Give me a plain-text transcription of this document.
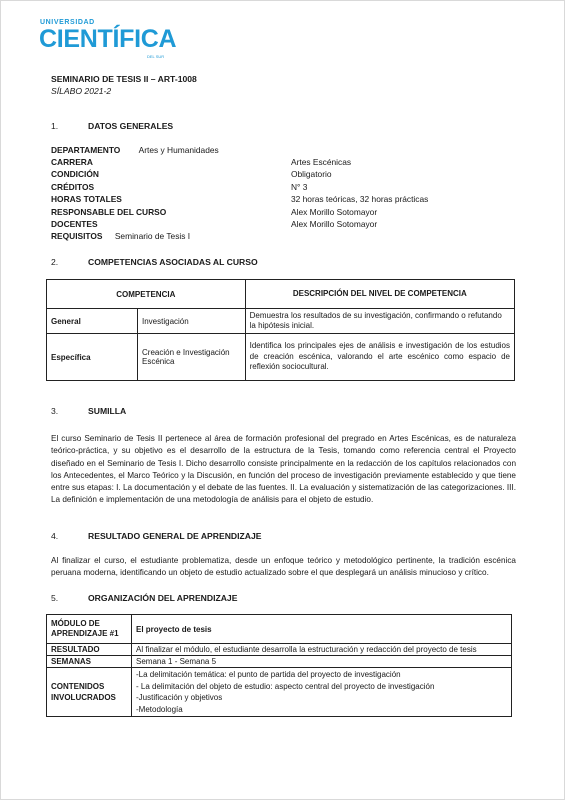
UNIVERSIDAD
CIENTÍFICA
DEL SUR
SEMINARIO DE TESIS II – ART-1008
SÍLABO 2021-2
1.	DATOS GENERALES
DEPARTAMENTO Artes y Humanidades
CARRERA	Artes Escénicas
CONDICIÓN	Obligatorio
CRÉDITOS	N° 3
HORAS TOTALES	32 horas teóricas, 32 horas prácticas
RESPONSABLE DEL CURSO	Alex Morillo Sotomayor
DOCENTES	Alex Morillo Sotomayor
REQUISITOS Seminario de Tesis I
2.	COMPETENCIAS ASOCIADAS AL CURSO
COMPETENCIA		DESCRIPCIÓN DEL NIVEL DE COMPETENCIA
General	Investigación	Demuestra los resultados de su investigación, confirmando o refutando la hipótesis inicial.
Específica	Creación e Investigación Escénica	Identifica los principales ejes de análisis e investigación de los estudios de creación escénica, valorando el arte escénico como espacio de reflexión sociocultural.
3.	SUMILLA
El curso Seminario de Tesis II pertenece al área de formación profesional del pregrado en Artes Escénicas, es de naturaleza teórico-práctica, y su objetivo es el desarrollo de la estructura de la Tesis, tomando como referencia central el Proyecto diseñado en el Seminario de Tesis I. Dicho desarrollo consiste principalmente en la redacción de los capítulos relacionados con los Antecedentes, el Marco Teórico y la Discusión, en función del proceso de investigación previamente establecido y que tiene entre sus etapas: I. La documentación y el debate de las fuentes. II. La evaluación y sistematización de las categorizaciones. III. La definición e implementación de una metodología de análisis para el objeto de estudio.
4.	RESULTADO GENERAL DE APRENDIZAJE
Al finalizar el curso, el estudiante problematiza, desde un enfoque teórico y metodológico pertinente, la tradición escénica peruana moderna, identificando un objeto de estudio actualizado sobre el que desplegará un análisis minucioso y crítico.
5.	ORGANIZACIÓN DEL APRENDIZAJE
MÓDULO DE APRENDIZAJE #1	El proyecto de tesis
RESULTADO	Al finalizar el módulo, el estudiante desarrolla la estructuración y redacción del proyecto de tesis
SEMANAS	Semana 1 - Semana 5
CONTENIDOS INVOLUCRADOS	-La delimitación temática: el punto de partida del proyecto de investigación
- La delimitación del objeto de estudio: aspecto central del proyecto de investigación
-Justificación y objetivos
-Metodología
